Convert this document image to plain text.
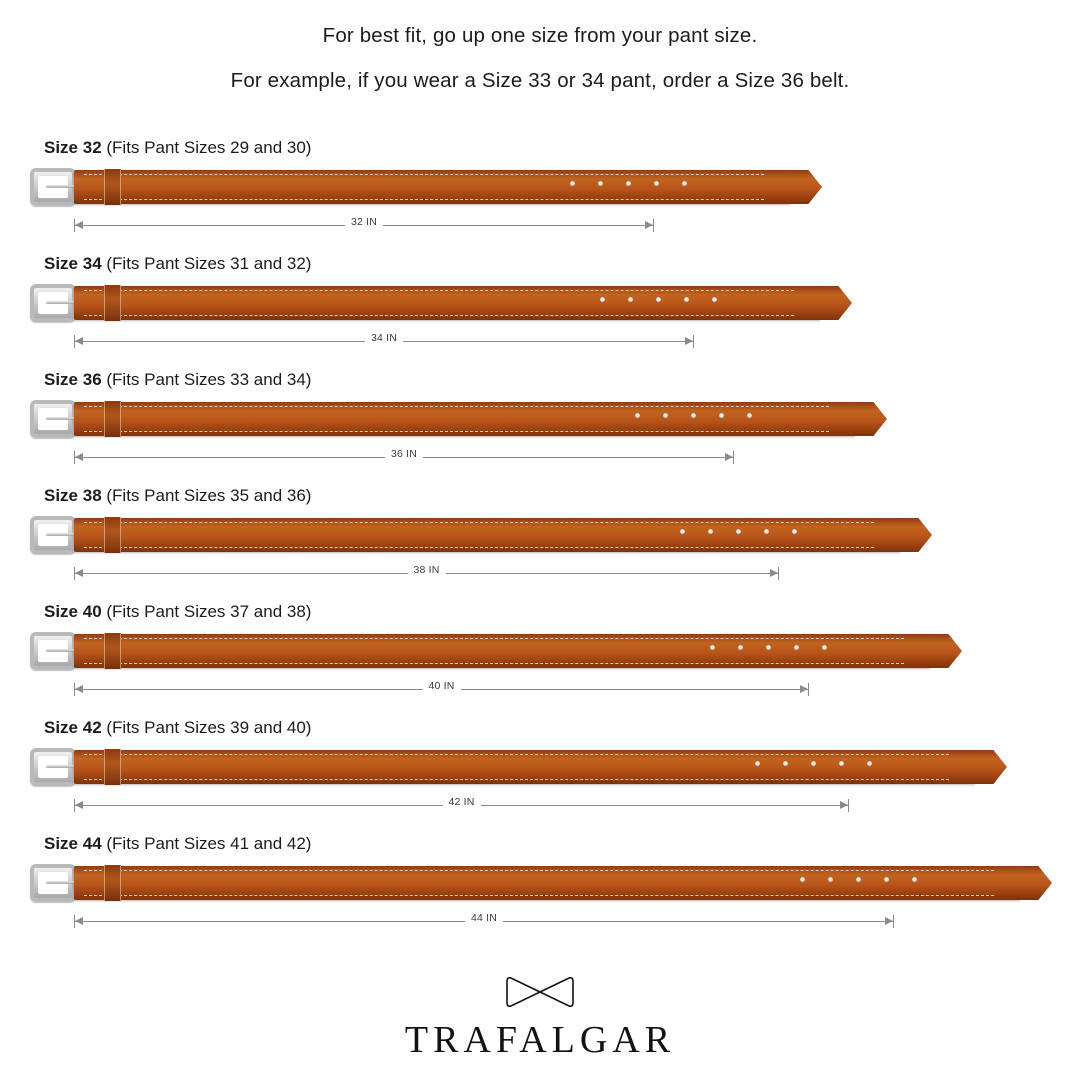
For best fit, go up one size from your pant size.
For example, if you wear a Size 33 or 34 pant, order a Size 36 belt.
Size 32 (Fits Pant Sizes 29 and 30)
32 IN
Size 34 (Fits Pant Sizes 31 and 32)
34 IN
Size 36 (Fits Pant Sizes 33 and 34)
36 IN
Size 38 (Fits Pant Sizes 35 and 36)
38 IN
Size 40 (Fits Pant Sizes 37 and 38)
40 IN
Size 42 (Fits Pant Sizes 39 and 40)
42 IN
Size 44 (Fits Pant Sizes 41 and 42)
44 IN
TRAFALGAR
